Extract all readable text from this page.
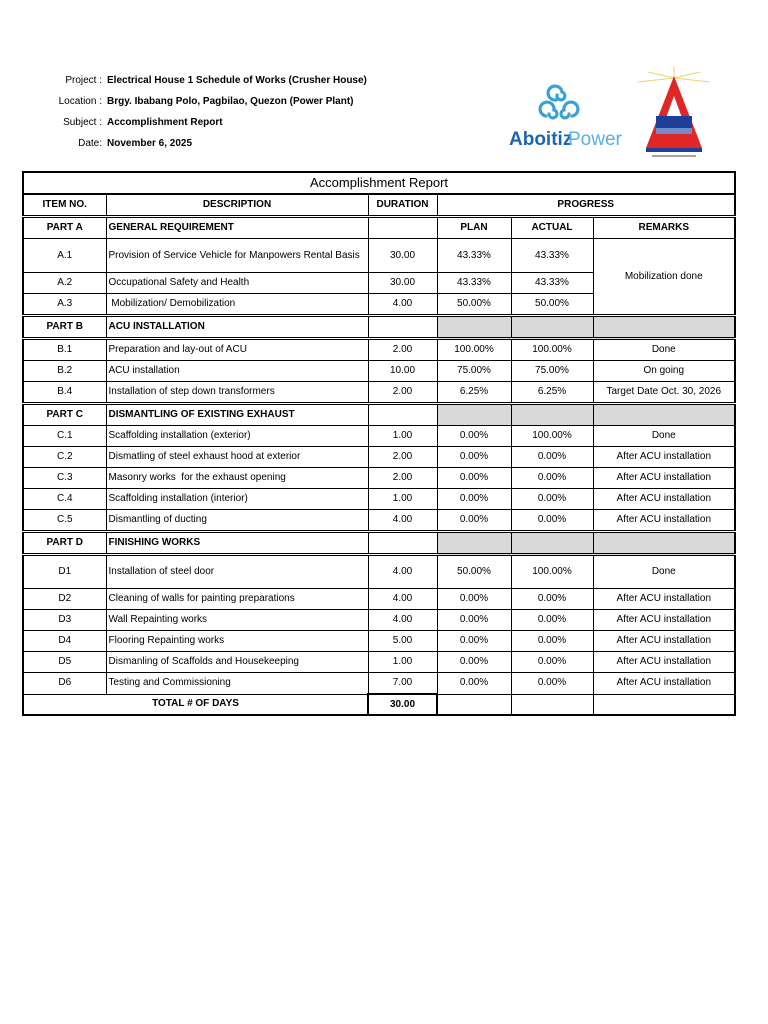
Project : Electrical House 1 Schedule of Works (Crusher House)
Location : Brgy. Ibabang Polo, Pagbilao, Quezon (Power Plant)
Subject : Accomplishment Report
Date: November 6, 2025	Aboitiz
Power
Accomplishment Report					
ITEM NO.	DESCRIPTION	DURATION	PROGRESS		
PART A	GENERAL REQUIREMENT		PLAN	ACTUAL	REMARKS
A.1	Provision of Service Vehicle for Manpowers Rental Basis	30.00	43.33%	43.33%	Mobilization done
A.2	Occupational Safety and Health	30.00	43.33%	43.33%	
A.3	Mobilization/ Demobilization	4.00	50.00%	50.00%	
PART B	ACU INSTALLATION				
B.1	Preparation and lay-out of ACU	2.00	100.00%	100.00%	Done
B.2	ACU installation	10.00	75.00%	75.00%	On going
B.4	Installation of step down transformers	2.00	6.25%	6.25%	Target Date Oct. 30, 2026
PART C	DISMANTLING OF EXISTING EXHAUST				
C.1	Scaffolding installation (exterior)	1.00	0.00%	100.00%	Done
C.2	Dismatling of steel exhaust hood at exterior	2.00	0.00%	0.00%	After ACU installation
C.3	Masonry works  for the exhaust opening	2.00	0.00%	0.00%	After ACU installation
C.4	Scaffolding installation (interior)	1.00	0.00%	0.00%	After ACU installation
C.5	Dismantling of ducting	4.00	0.00%	0.00%	After ACU installation
PART D	FINISHING WORKS				
D1	Installation of steel door	4.00	50.00%	100.00%	Done
D2	Cleaning of walls for painting preparations	4.00	0.00%	0.00%	After ACU installation
D3	Wall Repainting works	4.00	0.00%	0.00%	After ACU installation
D4	Flooring Repainting works	5.00	0.00%	0.00%	After ACU installation
D5	Dismanling of Scaffolds and Housekeeping	1.00	0.00%	0.00%	After ACU installation
D6	Testing and Commissioning	7.00	0.00%	0.00%	After ACU installation
TOTAL # OF DAYS		30.00			
